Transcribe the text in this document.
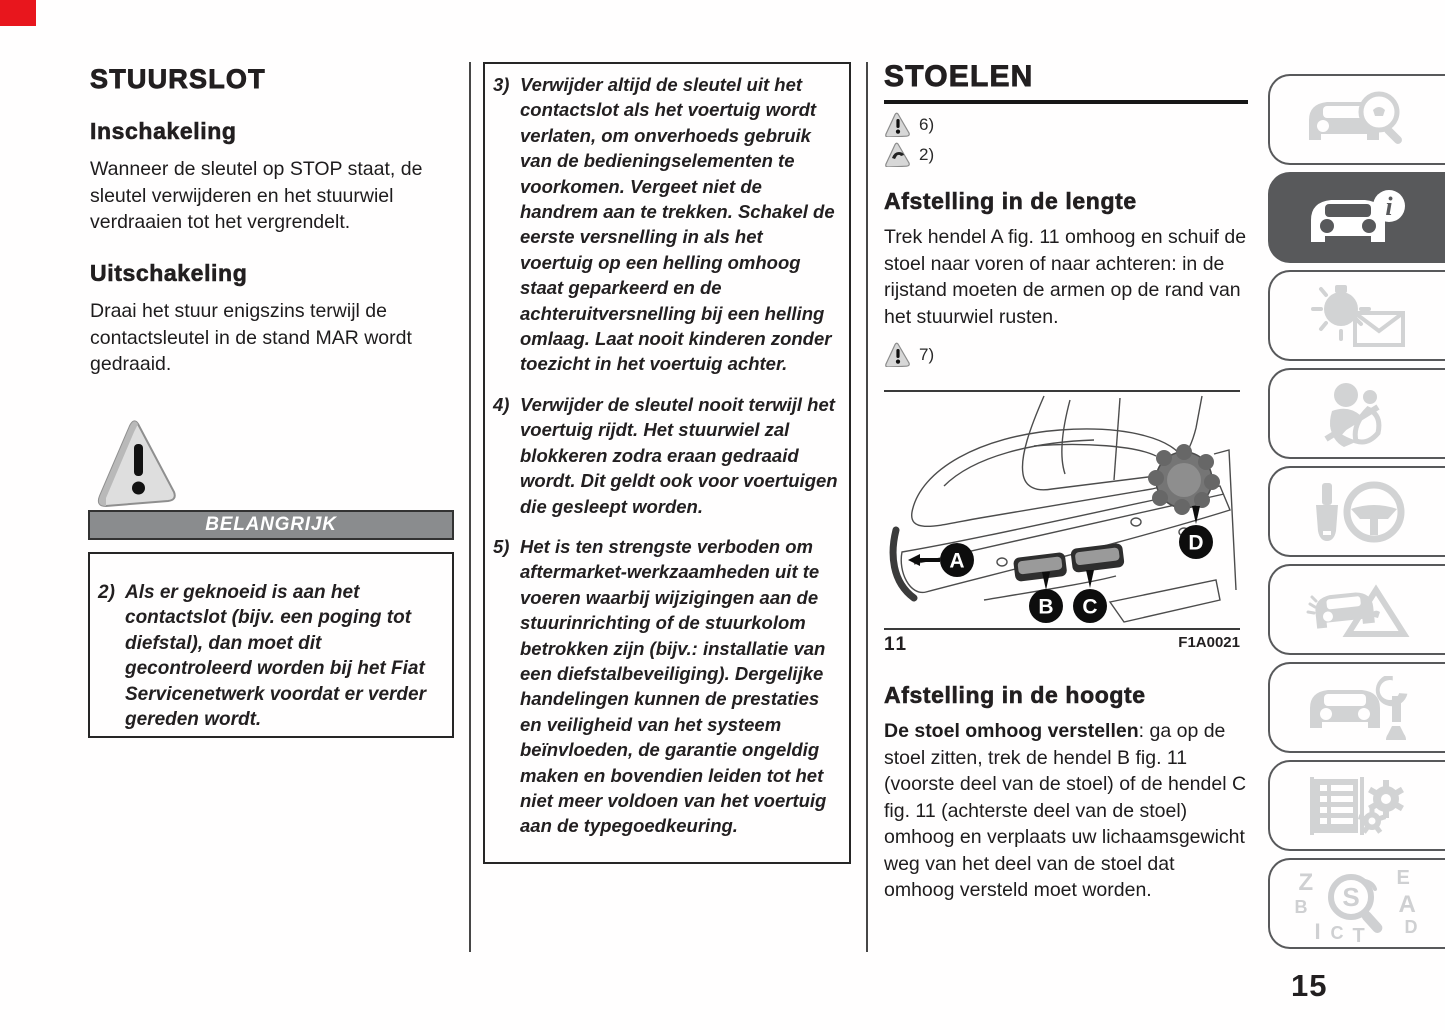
STUURSLOT
Inschakeling
Wanneer de sleutel op STOP staat, de sleutel verwijderen en het stuurwiel verdraaien tot het vergrendelt.
Uitschakeling
Draai het stuur enigszins terwijl de contactsleutel in de stand MAR wordt gedraaid.
BELANGRIJK
2) Als er geknoeid is aan het contactslot (bijv. een poging tot diefstal), dan moet dit gecontroleerd worden bij het Fiat Servicenetwerk voordat er verder gereden wordt.
3) Verwijder altijd de sleutel uit het contactslot als het voertuig wordt verlaten, om onverhoeds gebruik van de bedieningselementen te voorkomen. Vergeet niet de handrem aan te trekken. Schakel de eerste versnelling in als het voertuig op een helling omhoog staat geparkeerd en de achteruitversnelling bij een helling omlaag. Laat nooit kinderen zonder toezicht in het voertuig achter.
4) Verwijder de sleutel nooit terwijl het voertuig rijdt. Het stuurwiel zal blokkeren zodra eraan gedraaid wordt. Dit geldt ook voor voertuigen die gesleept worden.
5) Het is ten strengste verboden om aftermarket-werkzaamheden uit te voeren waarbij wijzigingen aan de stuurinrichting of de stuurkolom betrokken zijn (bijv.: installatie van een diefstalbeveiliging). Dergelijke handelingen kunnen de prestaties en veiligheid van het systeem beïnvloeden, de garantie ongeldig maken en bovendien leiden tot het niet meer voldoen van het voertuig aan de typegoedkeuring.
STOELEN
6)
2)
Afstelling in de lengte
Trek hendel A fig. 11 omhoog en schuif de stoel naar voren of naar achteren: in de rijstand moeten de armen op de rand van het stuurwiel rusten.
7)
A
B C
D
11	F1A0021
Afstelling in de hoogte
De stoel omhoog verstellen: ga op de stoel zitten, trek de hendel B fig. 11 (voorste deel van de stoel) of de hendel C fig. 11 (achterste deel van de stoel) omhoog en verplaats uw lichaamsgewicht weg van het deel van de stoel dat omhoog versteld moet worden.
i
Z	E
B	A
D
I C T
S
15
